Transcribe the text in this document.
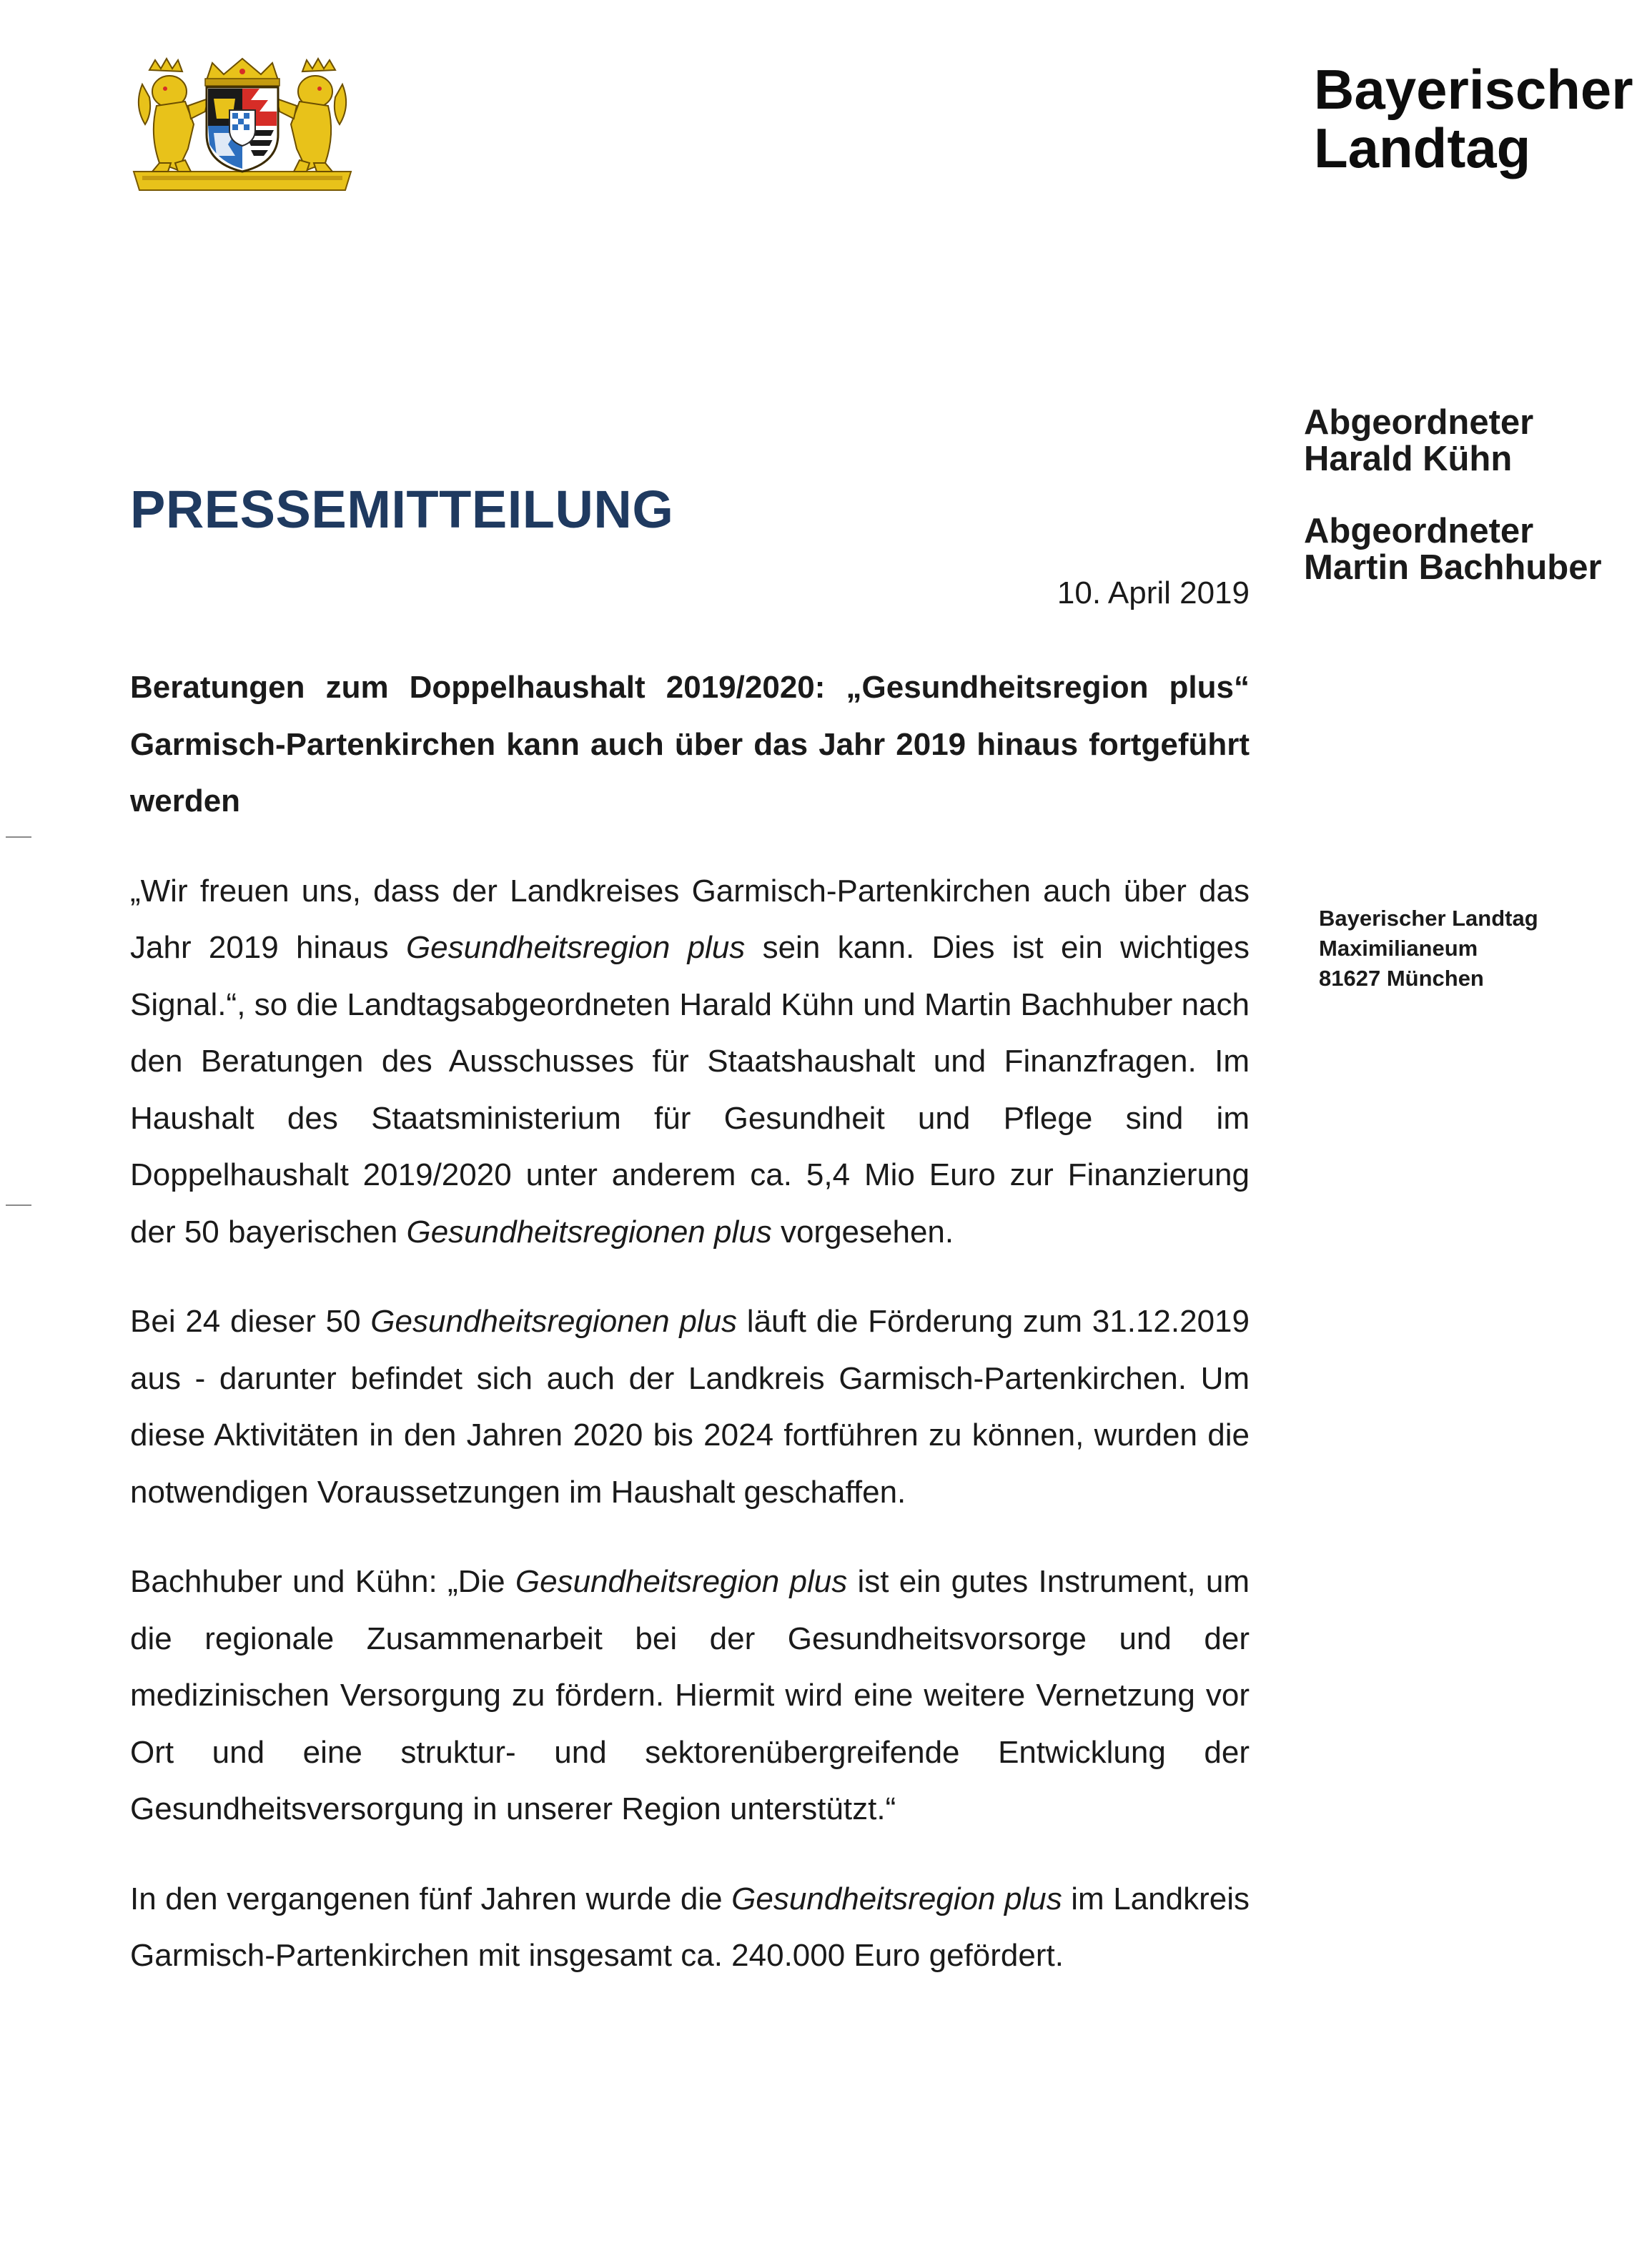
Bayerischer
Landtag
Abgeordneter
Harald Kühn
Abgeordneter
Martin Bachhuber
Bayerischer Landtag
Maximilianeum
81627 München
PRESSEMITTEILUNG
10. April 2019

Beratungen zum Doppelhaushalt 2019/2020: „Gesundheitsregion plus“ Garmisch-Partenkirchen kann auch über das Jahr 2019 hinaus fortgeführt werden

„Wir freuen uns, dass der Landkreises Garmisch-Partenkirchen auch über das Jahr 2019 hinaus Gesundheitsregion plus sein kann. Dies ist ein wichtiges Signal.“, so die Landtagsabgeordneten Harald Kühn und Martin Bachhuber nach den Beratungen des Ausschusses für Staatshaushalt und Finanzfragen. Im Haushalt des Staatsministerium für Gesundheit und Pflege sind im Doppelhaushalt 2019/2020 unter anderem ca. 5,4 Mio Euro zur Finanzierung der 50 bayerischen Gesundheitsregionen plus vorgesehen.

Bei 24 dieser 50 Gesundheitsregionen plus läuft die Förderung zum 31.12.2019 aus - darunter befindet sich auch der Landkreis Garmisch-Partenkirchen. Um diese Aktivitäten in den Jahren 2020 bis 2024 fortführen zu können, wurden die notwendigen Voraussetzungen im Haushalt geschaffen.

Bachhuber und Kühn: „Die Gesundheitsregion plus ist ein gutes Instrument, um die regionale Zusammenarbeit bei der Gesundheitsvorsorge und der medizinischen Versorgung zu fördern. Hiermit wird eine weitere Vernetzung vor Ort und eine struktur- und sektorenübergreifende Entwicklung der Gesundheitsversorgung in unserer Region unterstützt.“

In den vergangenen fünf Jahren wurde die Gesundheitsregion plus im Landkreis Garmisch-Partenkirchen mit insgesamt ca. 240.000 Euro gefördert.
